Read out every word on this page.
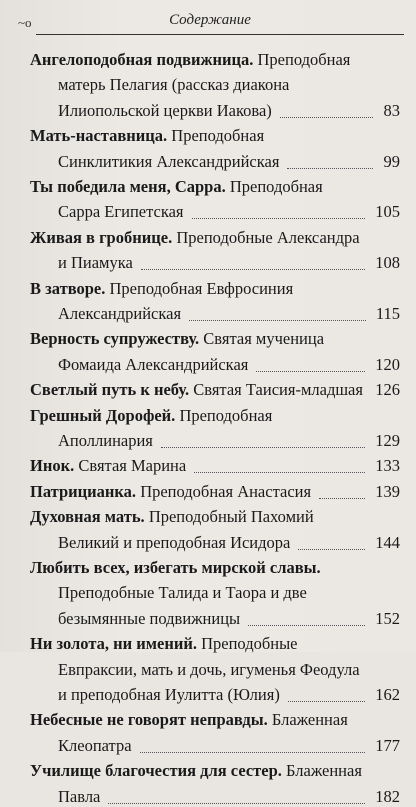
~o	Содержание
Ангелоподобная подвижница. Преподобная
матерь Пелагия (рассказ диакона
Илиопольской церкви Иакова)	83
Мать-наставница. Преподобная
Синклитикия Александрийская	99
Ты победила меня, Сарра. Преподобная
Сарра Египетская	105
Живая в гробнице. Преподобные Александра
и Пиамука	108
В затворе. Преподобная Евфросиния
Александрийская	115
Верность супружеству. Святая мученица
Фомаида Александрийская	120
Светлый путь к небу. Святая Таисия-младшая 126
Грешный Дорофей. Преподобная
Аполлинария	129
Инок. Святая Марина	133
Патрицианка. Преподобная Анастасия	139
Духовная мать. Преподобный Пахомий
Великий и преподобная Исидора	144
Любить всех, избегать мирской славы.
Преподобные Талида и Таора и две
безымянные подвижницы	152
Ни золота, ни имений. Преподобные
Евпраксии, мать и дочь, игуменья Феодула
и преподобная Иулитта (Юлия)	162
Небесные не говорят неправды. Блаженная
Клеопатра	177
Училище благочестия для сестер. Блаженная
Павла	182
